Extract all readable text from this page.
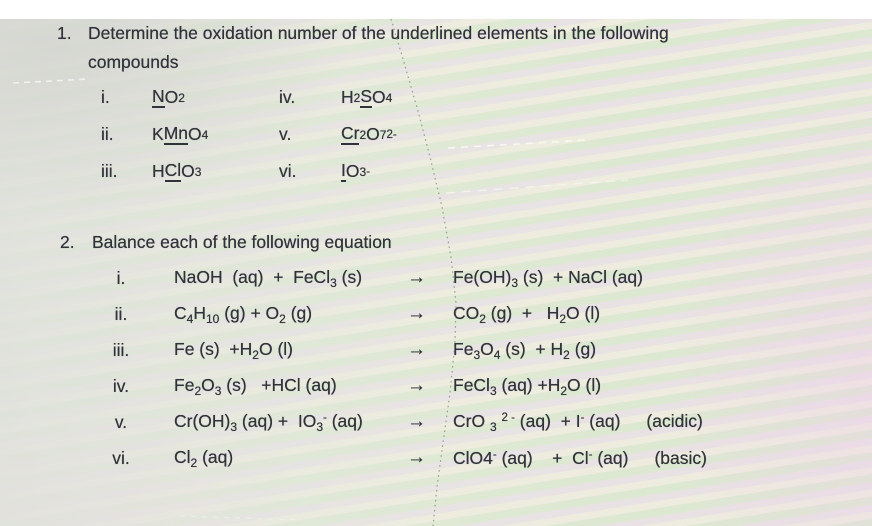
1. Determine the oxidation number of the underlined elements in the following
compounds
i.	N O 2	iv.	H 2 S O 4
ii.	K Mn O 4	v.	Cr 2 O 7 2-
iii.	H Cl O 3	vi.	I O 3 -
2. Balance each of the following equation
i.	NaOH  (aq)  +  FeCl$_3$ (s)	→	$Fe(OH)_3$ (s)  + NaCl (aq)
ii.	$C_4H_{10}$ $(g) + O_2$ (g)	→	$CO_2$ $(g) + H_2O$ (l)
iii.	Fe $(s) +H_2O$ (l)	→	$Fe_3O_4$ $(s) + H_2$ (g)
iv.	$Fe_2O_3$ (s)   +HCl (aq)	→	FeCl$_3$ $(aq) +H_2O$ (l)
v.	$Cr(OH)_3$ $(aq) + IO_3^-$ (aq)	→	CrO $_3$ $^{2 -}$ (aq)  + I- (aq) (acidic)
vi.	$Cl_2$ (aq)	→	ClO4- (aq)    +  Cl- (aq) (basic)
